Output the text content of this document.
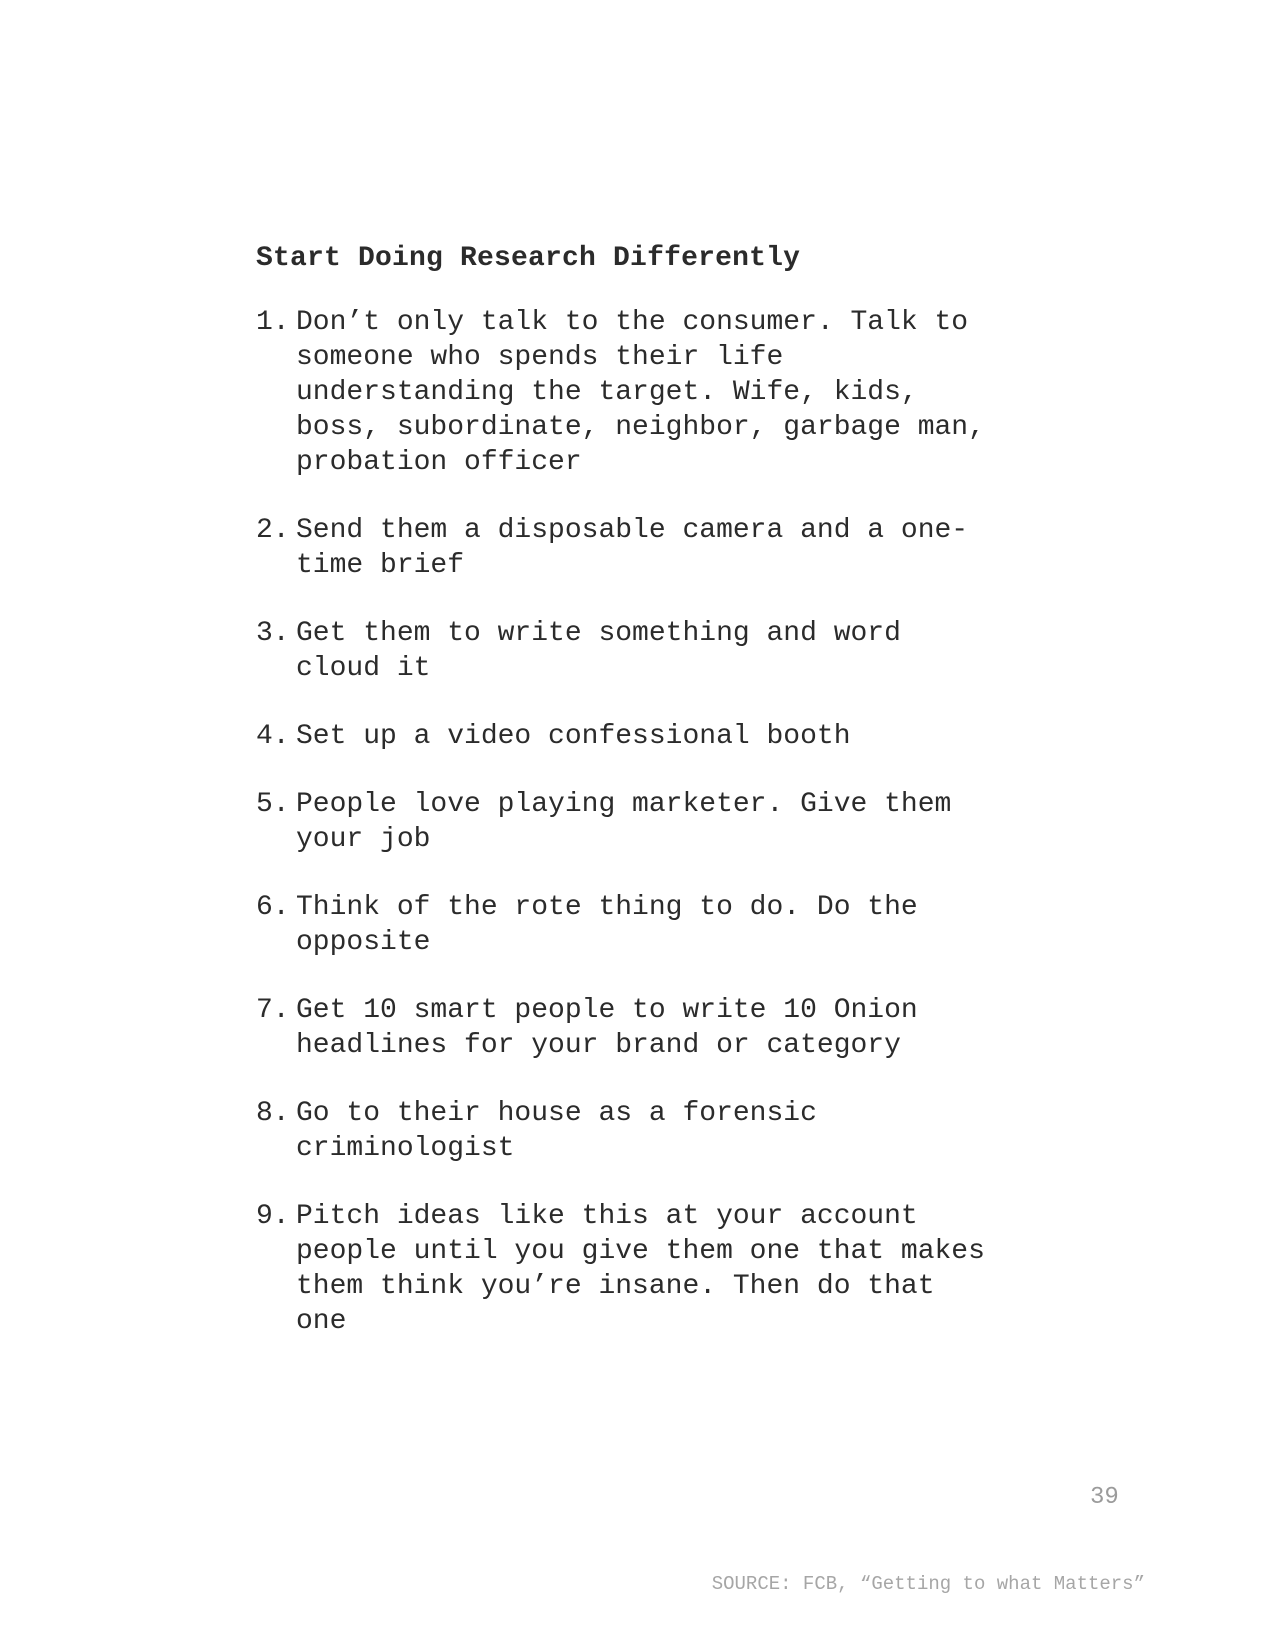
Start Doing Research Differently
1. Don’t only talk to the consumer. Talk to
someone who spends their life
understanding the target. Wife, kids,
boss, subordinate, neighbor, garbage man,
probation officer
2. Send them a disposable camera and a one-
time brief
3. Get them to write something and word
cloud it
4. Set up a video confessional booth
5. People love playing marketer. Give them
your job
6. Think of the rote thing to do. Do the
opposite
7. Get 10 smart people to write 10 Onion
headlines for your brand or category
8. Go to their house as a forensic
criminologist
9. Pitch ideas like this at your account
people until you give them one that makes
them think you’re insane. Then do that
one
39
SOURCE: FCB, “Getting to what Matters”
